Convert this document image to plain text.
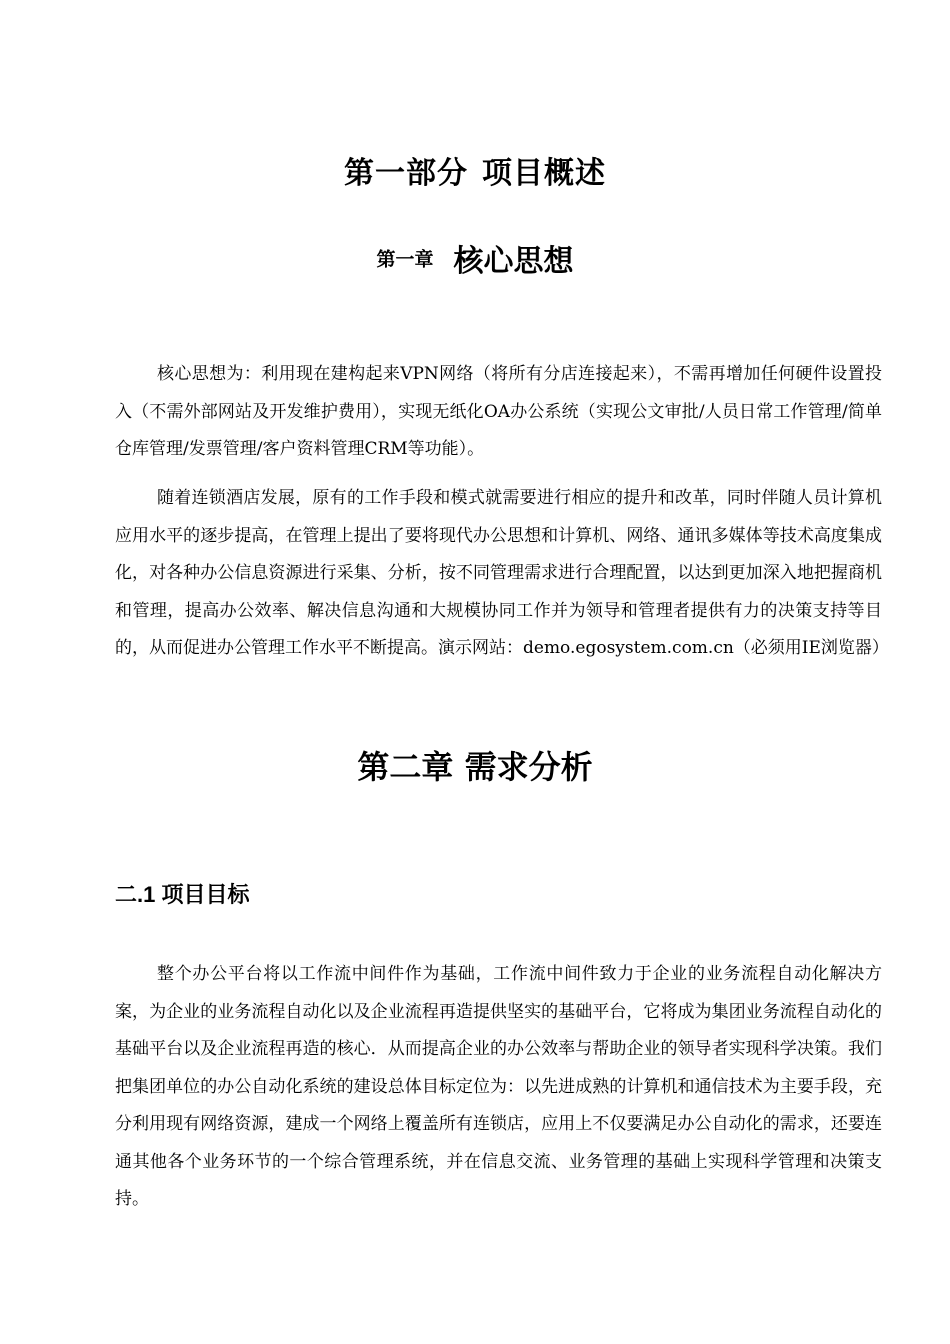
第一部分 项目概述
第一章 核心思想

核心思想为：利用现在建构起来VPN网络（将所有分店连接起来），不需再增加任何硬件设置投入（不需外部网站及开发维护费用），实现无纸化OA办公系统（实现公文审批/人员日常工作管理/简单仓库管理/发票管理/客户资料管理CRM等功能）。

随着连锁酒店发展，原有的工作手段和模式就需要进行相应的提升和改革，同时伴随人员计算机应用水平的逐步提高，在管理上提出了要将现代办公思想和计算机、网络、通讯多媒体等技术高度集成化，对各种办公信息资源进行采集、分析，按不同管理需求进行合理配置，以达到更加深入地把握商机和管理，提高办公效率、解决信息沟通和大规模协同工作并为领导和管理者提供有力的决策支持等目的，从而促进办公管理工作水平不断提高。演示网站：demo.egosystem.com.cn（必须用IE浏览器）

第二章 需求分析
二.1 项目目标

整个办公平台将以工作流中间件作为基础，工作流中间件致力于企业的业务流程自动化解决方案，为企业的业务流程自动化以及企业流程再造提供坚实的基础平台，它将成为集团业务流程自动化的基础平台以及企业流程再造的核心．从而提高企业的办公效率与帮助企业的领导者实现科学决策。我们把集团单位的办公自动化系统的建设总体目标定位为：以先进成熟的计算机和通信技术为主要手段，充分利用现有网络资源，建成一个网络上覆盖所有连锁店，应用上不仅要满足办公自动化的需求，还要连通其他各个业务环节的一个综合管理系统，并在信息交流、业务管理的基础上实现科学管理和决策支持。
